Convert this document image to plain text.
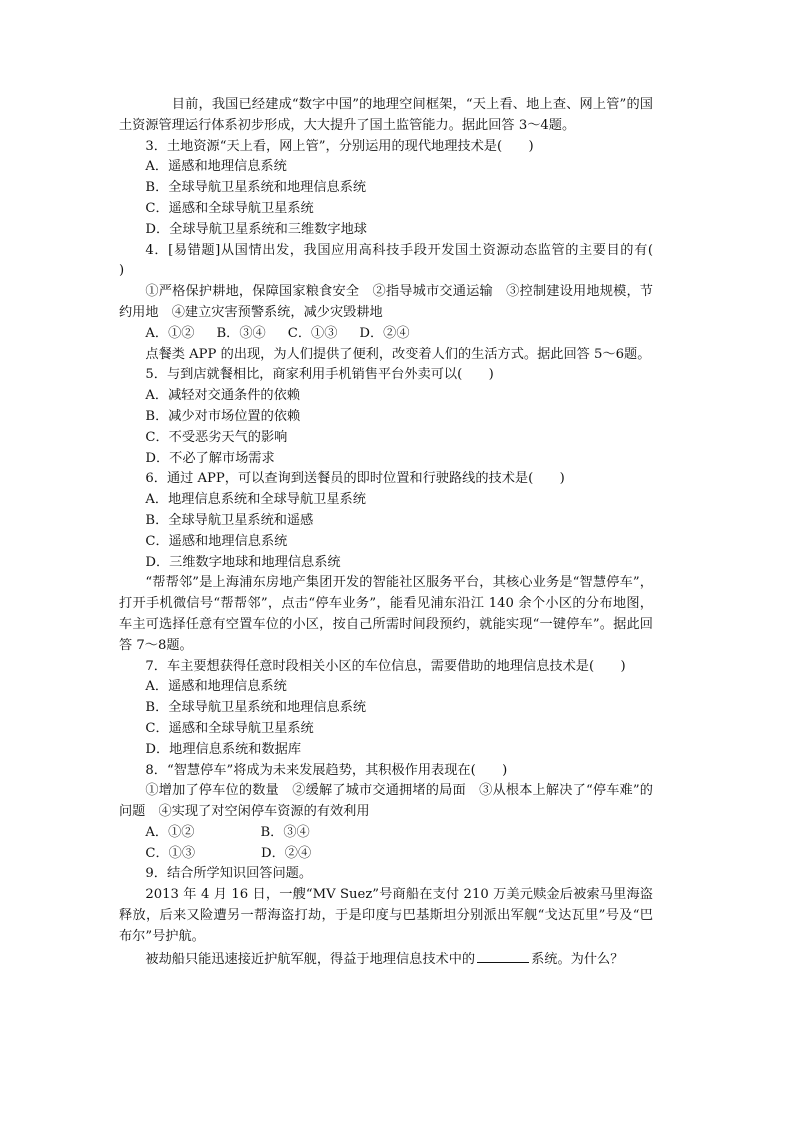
目前，我国已经建成“数字中国”的地理空间框架，“天上看、地上查、网上管”的国土资源管理运行体系初步形成，大大提升了国土监管能力。据此回答 3～4题。

3．土地资源“天上看，网上管”，分别运用的现代地理技术是(　　)

A．遥感和地理信息系统

B．全球导航卫星系统和地理信息系统

C．遥感和全球导航卫星系统

D．全球导航卫星系统和三维数字地球

4．[易错题]从国情出发，我国应用高科技手段开发国土资源动态监管的主要目的有(　　)

①严格保护耕地，保障国家粮食安全　②指导城市交通运输　③控制建设用地规模，节约用地　④建立灾害预警系统，减少灾毁耕地

A．①② B．③④ C．①③ D．②④

点餐类 APP 的出现，为人们提供了便利，改变着人们的生活方式。据此回答 5～6题。

5．与到店就餐相比，商家利用手机销售平台外卖可以(　　)

A．减轻对交通条件的依赖

B．减少对市场位置的依赖

C．不受恶劣天气的影响

D．不必了解市场需求

6．通过 APP，可以查询到送餐员的即时位置和行驶路线的技术是(　　)

A．地理信息系统和全球导航卫星系统

B．全球导航卫星系统和遥感

C．遥感和地理信息系统

D．三维数字地球和地理信息系统

“帮帮邻”是上海浦东房地产集团开发的智能社区服务平台，其核心业务是“智慧停车”，打开手机微信号“帮帮邻”，点击“停车业务”，能看见浦东沿江 140 余个小区的分布地图，车主可选择任意有空置车位的小区，按自己所需时间段预约，就能实现“一键停车”。据此回答 7～8题。

7．车主要想获得任意时段相关小区的车位信息，需要借助的地理信息技术是(　　)

A．遥感和地理信息系统

B．全球导航卫星系统和地理信息系统

C．遥感和全球导航卫星系统

D．地理信息系统和数据库

8．“智慧停车”将成为未来发展趋势，其积极作用表现在(　　)

①增加了停车位的数量　②缓解了城市交通拥堵的局面　③从根本上解决了“停车难”的问题　④实现了对空闲停车资源的有效利用

A．①②	B．③④

C．①③	D．②④

9．结合所学知识回答问题。

2013 年 4 月 16 日，一艘“MV Suez”号商船在支付 210 万美元赎金后被索马里海盗释放，后来又险遭另一帮海盗打劫，于是印度与巴基斯坦分别派出军舰“戈达瓦里”号及“巴布尔”号护航。

被劫船只能迅速接近护航军舰，得益于地理信息技术中的	系统。为什么？
